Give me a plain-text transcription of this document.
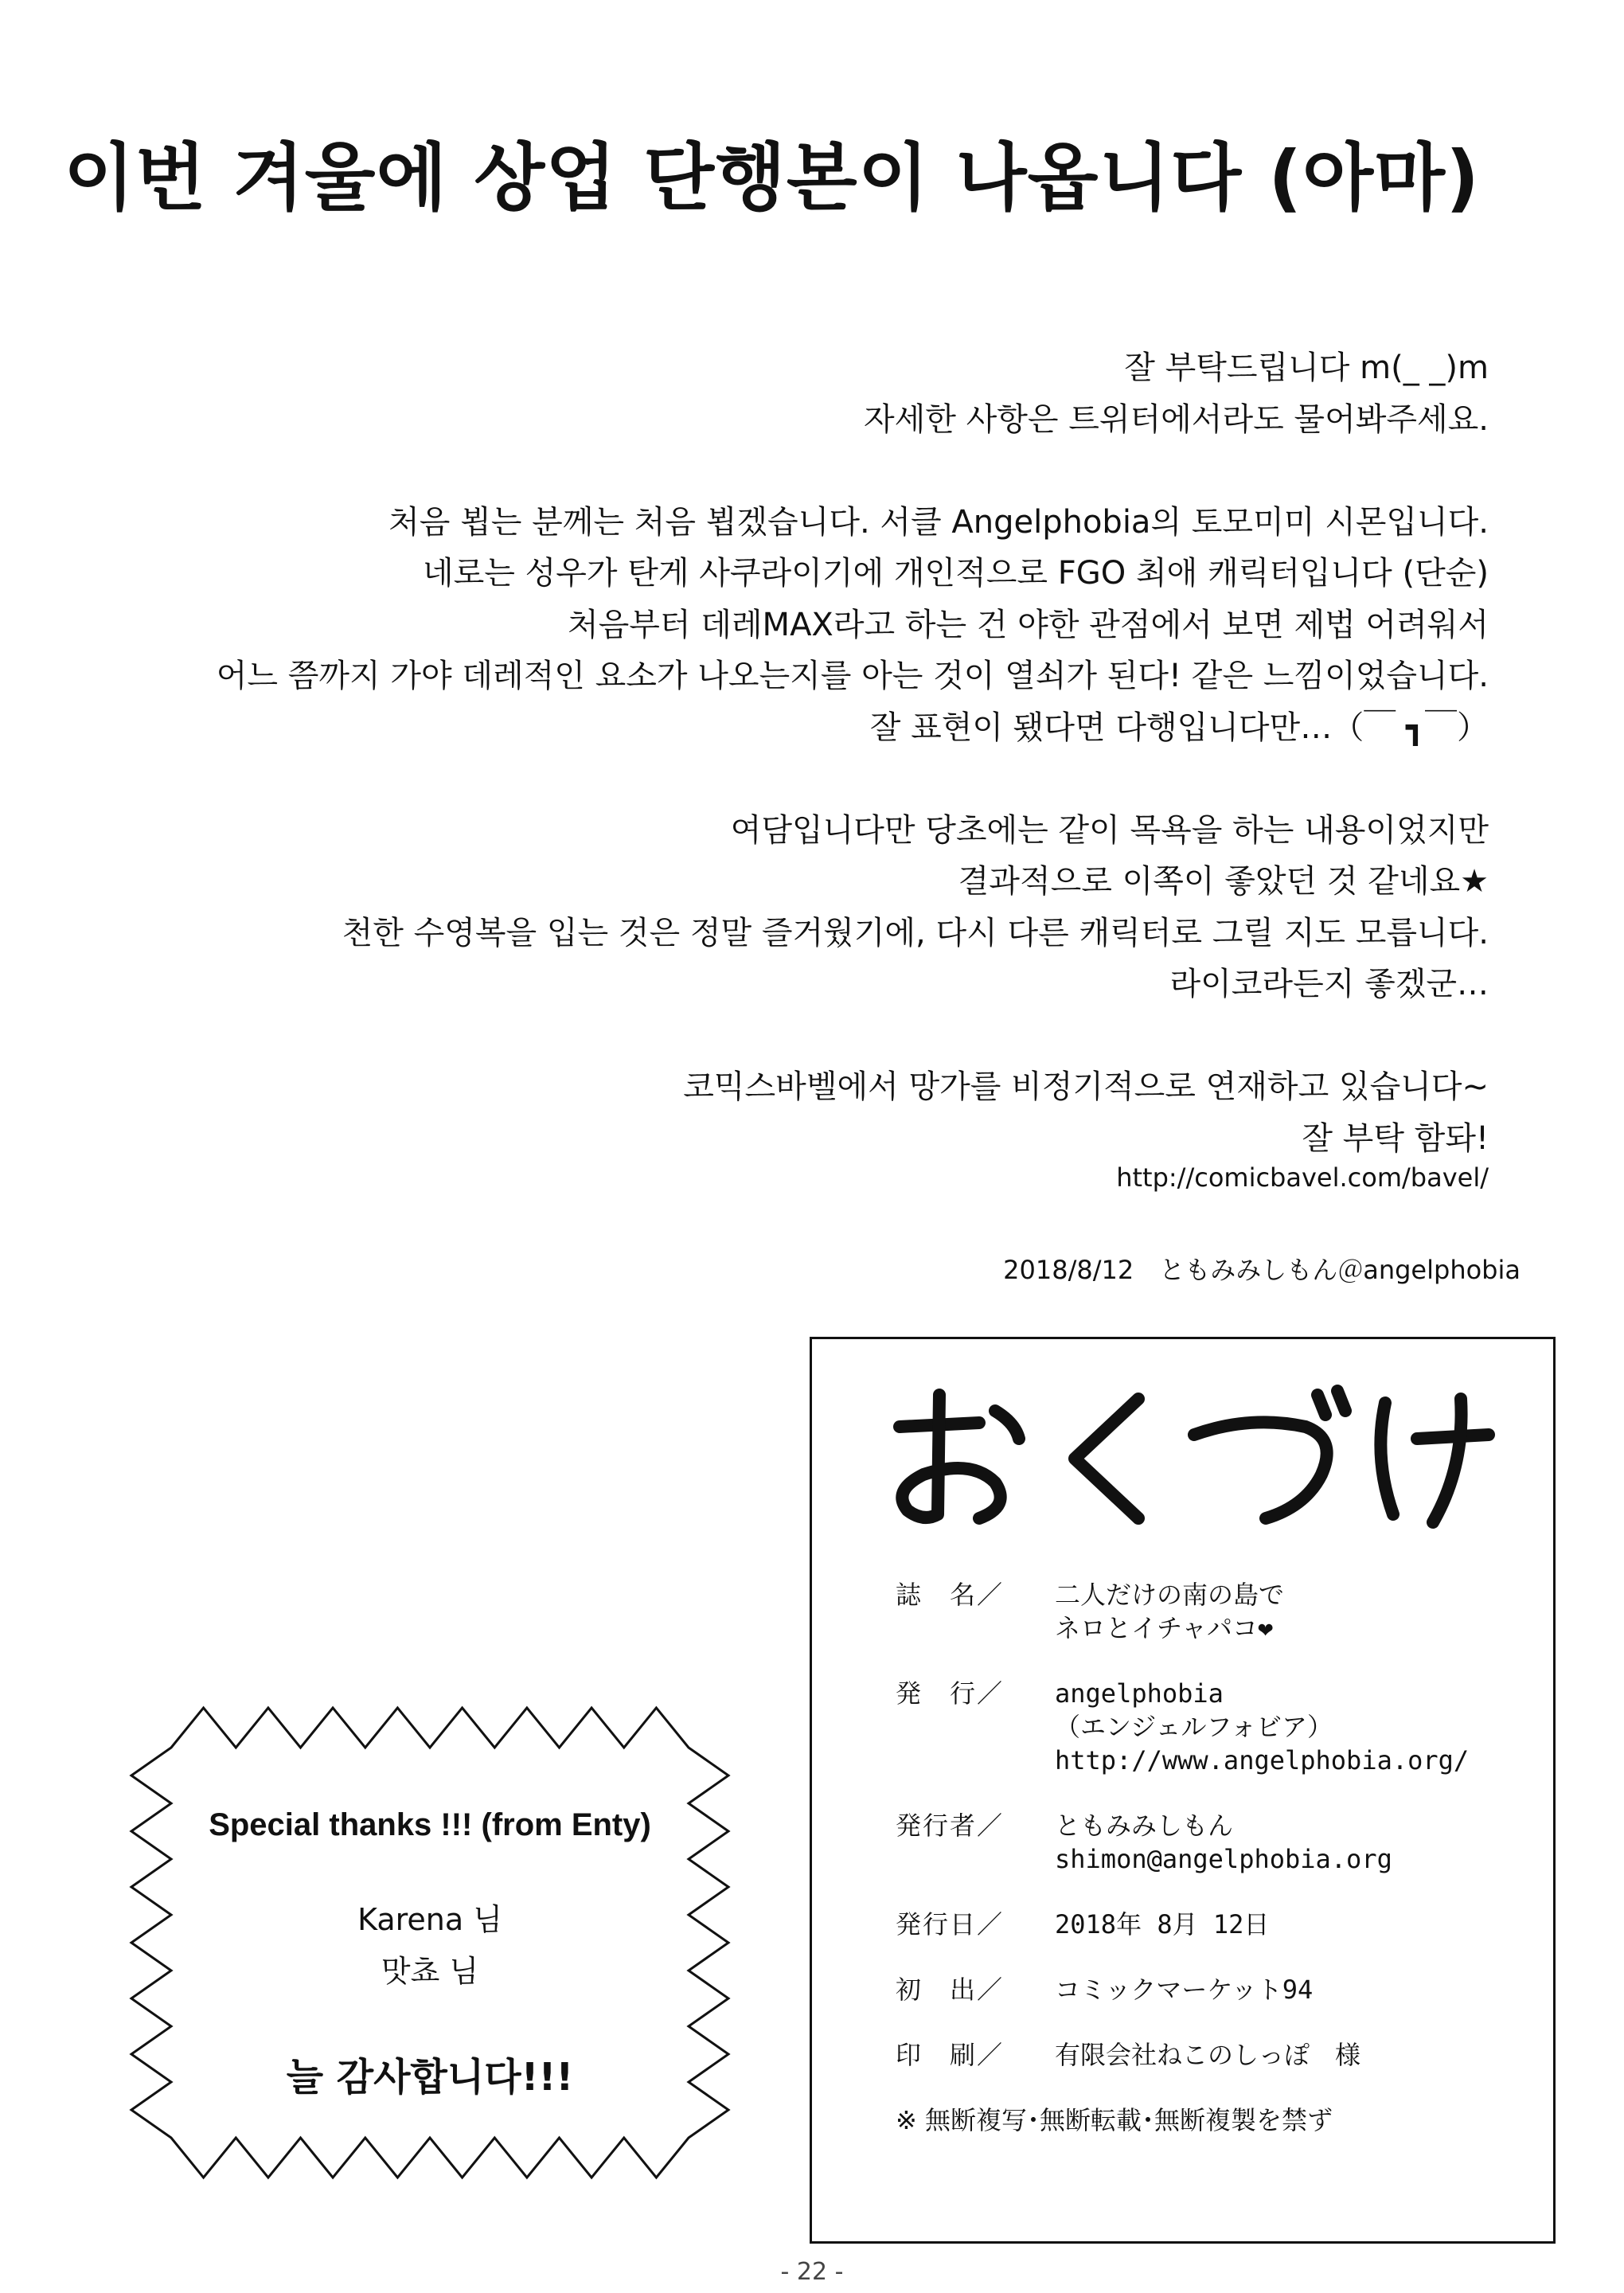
이번 겨울에 상업 단행본이 나옵니다 (아마)
잘 부탁드립니다 m(_ _)m
자세한 사항은 트위터에서라도 물어봐주세요.
처음 뵙는 분께는 처음 뵙겠습니다. 서클 Angelphobia의 토모미미 시몬입니다.
네로는 성우가 탄게 사쿠라이기에 개인적으로 FGO 최애 캐릭터입니다 (단순)
처음부터 데레MAX라고 하는 건 야한 관점에서 보면 제법 어려워서
어느 쯤까지 가야 데레적인 요소가 나오는지를 아는 것이 열쇠가 된다! 같은 느낌이었습니다.
잘 표현이 됐다면 다행입니다만…（￣ ┓￣）
여담입니다만 당초에는 같이 목욕을 하는 내용이었지만
결과적으로 이쪽이 좋았던 것 같네요★
천한 수영복을 입는 것은 정말 즐거웠기에, 다시 다른 캐릭터로 그릴 지도 모릅니다.
라이코라든지 좋겠군…
코믹스바벨에서 망가를 비정기적으로 연재하고 있습니다~
잘 부탁 함돠!
http://comicbavel.com/bavel/
2018/8/12　ともみみしもん＠angelphobia
誌　名／	二人だけの南の島で
ネロとイチャパコ❤
発　行／	angelphobia
（エンジェルフォビア）
http://www.angelphobia.org/
発行者／	ともみみしもん
shimon@angelphobia.org
発行日／	2018年 8月 12日
初　出／	コミックマーケット94
印　刷／	有限会社ねこのしっぽ　様
※ 無断複写･無断転載･無断複製を禁ず
Special thanks !!! (from Enty)
Karena 님
맛쵸 님
늘 감사합니다!!!
- 22 -
